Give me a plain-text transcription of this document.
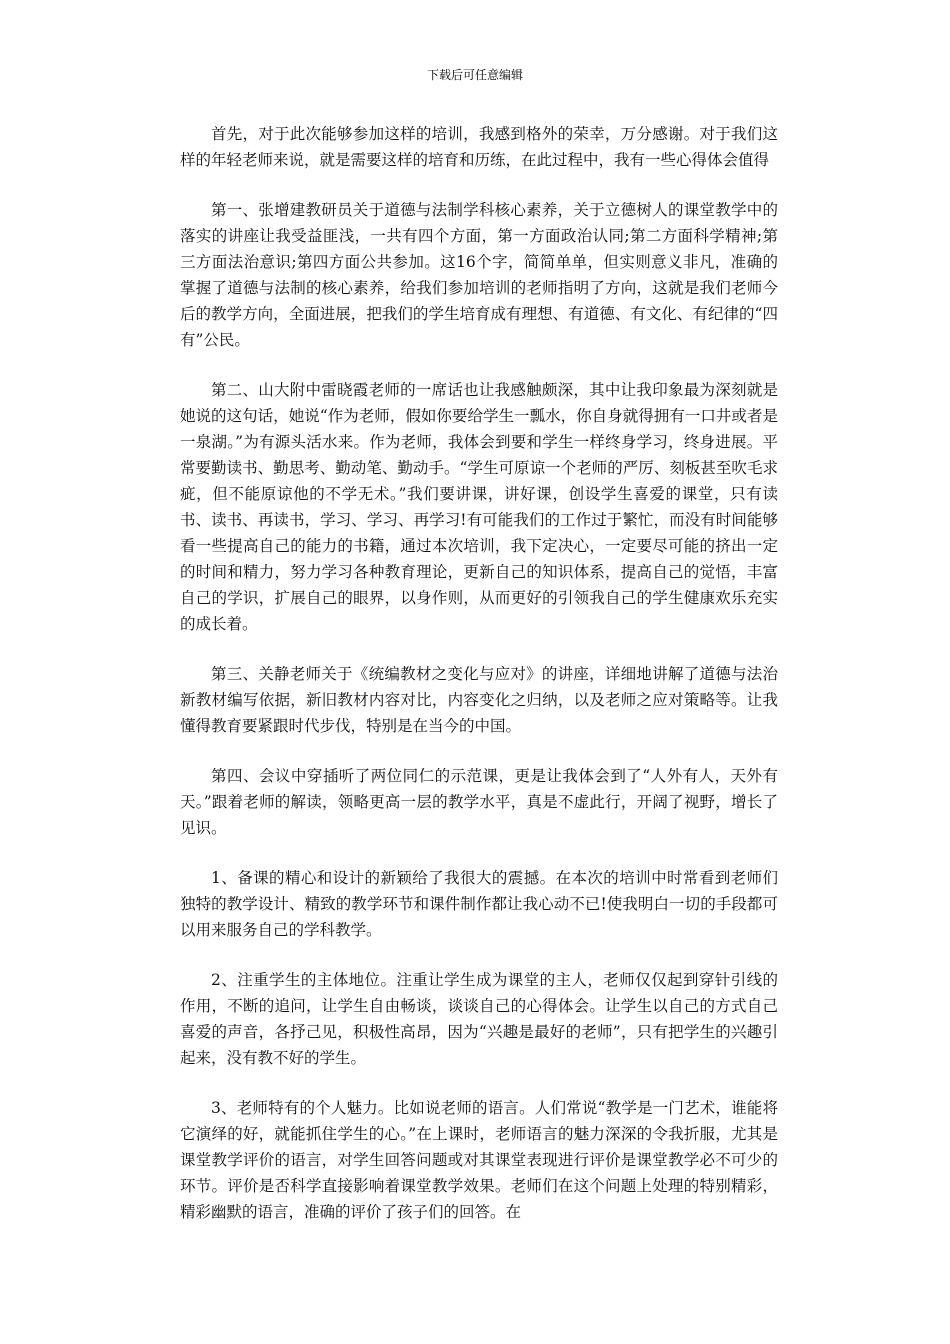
下载后可任意编辑

首先，对于此次能够参加这样的培训，我感到格外的荣幸，万分感谢。对于我们这样的年轻老师来说，就是需要这样的培育和历练，在此过程中，我有一些心得体会值得

第一、张增建教研员关于道德与法制学科核心素养，关于立德树人的课堂教学中的落实的讲座让我受益匪浅，一共有四个方面，第一方面政治认同;第二方面科学精神;第三方面法治意识;第四方面公共参加。这16个字，简简单单，但实则意义非凡，准确的掌握了道德与法制的核心素养，给我们参加培训的老师指明了方向，这就是我们老师今后的教学方向，全面进展，把我们的学生培育成有理想、有道德、有文化、有纪律的“四有”公民。

第二、山大附中雷晓霞老师的一席话也让我感触颇深，其中让我印象最为深刻就是她说的这句话，她说“作为老师，假如你要给学生一瓢水，你自身就得拥有一口井或者是一泉湖。”为有源头活水来。作为老师，我体会到要和学生一样终身学习，终身进展。平常要勤读书、勤思考、勤动笔、勤动手。“学生可原谅一个老师的严厉、刻板甚至吹毛求疵，但不能原谅他的不学无术。”我们要讲课，讲好课，创设学生喜爱的课堂，只有读书、读书、再读书，学习、学习、再学习!有可能我们的工作过于繁忙，而没有时间能够看一些提高自己的能力的书籍，通过本次培训，我下定决心，一定要尽可能的挤出一定的时间和精力，努力学习各种教育理论，更新自己的知识体系，提高自己的觉悟，丰富自己的学识，扩展自己的眼界，以身作则，从而更好的引领我自己的学生健康欢乐充实的成长着。

第三、关静老师关于《统编教材之变化与应对》的讲座，详细地讲解了道德与法治新教材编写依据，新旧教材内容对比，内容变化之归纳，以及老师之应对策略等。让我懂得教育要紧跟时代步伐，特别是在当今的中国。

第四、会议中穿插听了两位同仁的示范课，更是让我体会到了“人外有人，天外有天。”跟着老师的解读，领略更高一层的教学水平，真是不虚此行，开阔了视野，增长了见识。

1、备课的精心和设计的新颖给了我很大的震撼。在本次的培训中时常看到老师们独特的教学设计、精致的教学环节和课件制作都让我心动不已!使我明白一切的手段都可以用来服务自己的学科教学。

2、注重学生的主体地位。注重让学生成为课堂的主人，老师仅仅起到穿针引线的作用，不断的追问，让学生自由畅谈，谈谈自己的心得体会。让学生以自己的方式自己喜爱的声音，各抒己见，积极性高昂，因为“兴趣是最好的老师”，只有把学生的兴趣引起来，没有教不好的学生。

3、老师特有的个人魅力。比如说老师的语言。人们常说“教学是一门艺术，谁能将它演绎的好，就能抓住学生的心。”在上课时，老师语言的魅力深深的令我折服，尤其是课堂教学评价的语言，对学生回答问题或对其课堂表现进行评价是课堂教学必不可少的环节。评价是否科学直接影响着课堂教学效果。老师们在这个问题上处理的特别精彩，精彩幽默的语言，准确的评价了孩子们的回答。在
